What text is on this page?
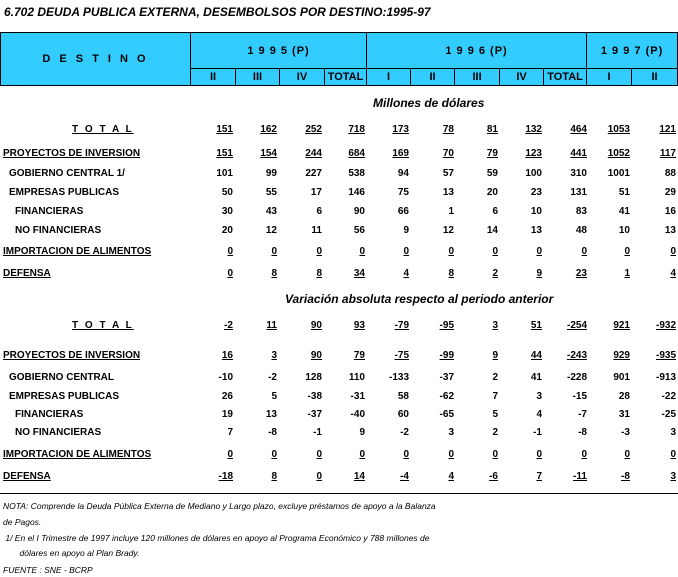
6.702 DEUDA PUBLICA EXTERNA, DESEMBOLSOS POR DESTINO:1995-97
D E S T I N O	1 9 9 5 (P)				1 9 9 6 (P)					1 9 9 7 (P)	
	II	III	IV	TOTAL	I	II	III	IV	TOTAL	I	II
Millones de dólares
T O T A L	151	162	252	718	173	78	81	132	464	1053	121
PROYECTOS DE INVERSION	151	154	244	684	169	70	79	123	441	1052	117
GOBIERNO CENTRAL 1/	101	99	227	538	94	57	59	100	310	1001	88
EMPRESAS PUBLICAS	50	55	17	146	75	13	20	23	131	51	29
FINANCIERAS	30	43	6	90	66	1	6	10	83	41	16
NO FINANCIERAS	20	12	11	56	9	12	14	13	48	10	13
IMPORTACION DE ALIMENTOS	0	0	0	0	0	0	0	0	0	0	0
DEFENSA	0	8	8	34	4	8	2	9	23	1	4
Variación absoluta respecto al periodo anterior
T O T A L	-2	11	90	93	-79	-95	3	51	-254	921	-932
PROYECTOS DE INVERSION	16	3	90	79	-75	-99	9	44	-243	929	-935
GOBIERNO CENTRAL	-10	-2	128	110	-133	-37	2	41	-228	901	-913
EMPRESAS PUBLICAS	26	5	-38	-31	58	-62	7	3	-15	28	-22
FINANCIERAS	19	13	-37	-40	60	-65	5	4	-7	31	-25
NO FINANCIERAS	7	-8	-1	9	-2	3	2	-1	-8	-3	3
IMPORTACION DE ALIMENTOS	0	0	0	0	0	0	0	0	0	0	0
DEFENSA	-18	8	0	14	-4	4	-6	7	-11	-8	3
NOTA: Comprende la Deuda Pública Externa de Mediano y Largo plazo, excluye préstamos de apoyo a la Balanza
de Pagos.
1/ En el I Trimestre de 1997 incluye 120 millones de dólares en apoyo al Programa Económico y 788 millones de
dólares en apoyo al Plan Brady.
FUENTE : SNE - BCRP
